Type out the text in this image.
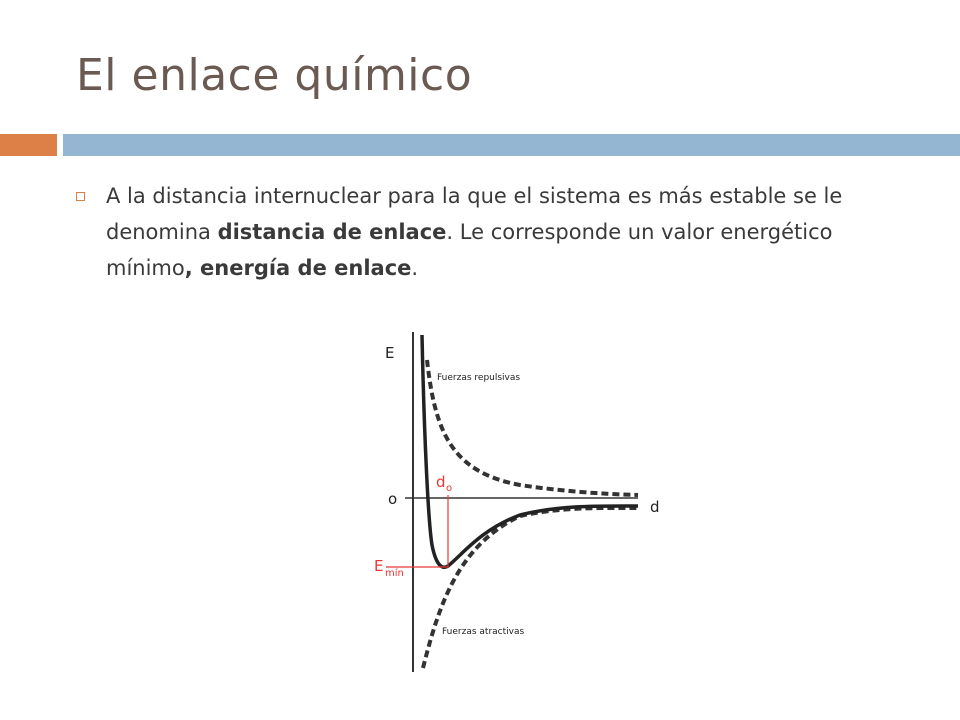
El enlace químico

A la distancia internuclear para la que el sistema es más estable se le denomina distancia de enlace. Le corresponde un valor energético mínimo, energía de enlace.

E
d
o
Fuerzas repulsivas
Fuerzas atractivas
d o
E mín
